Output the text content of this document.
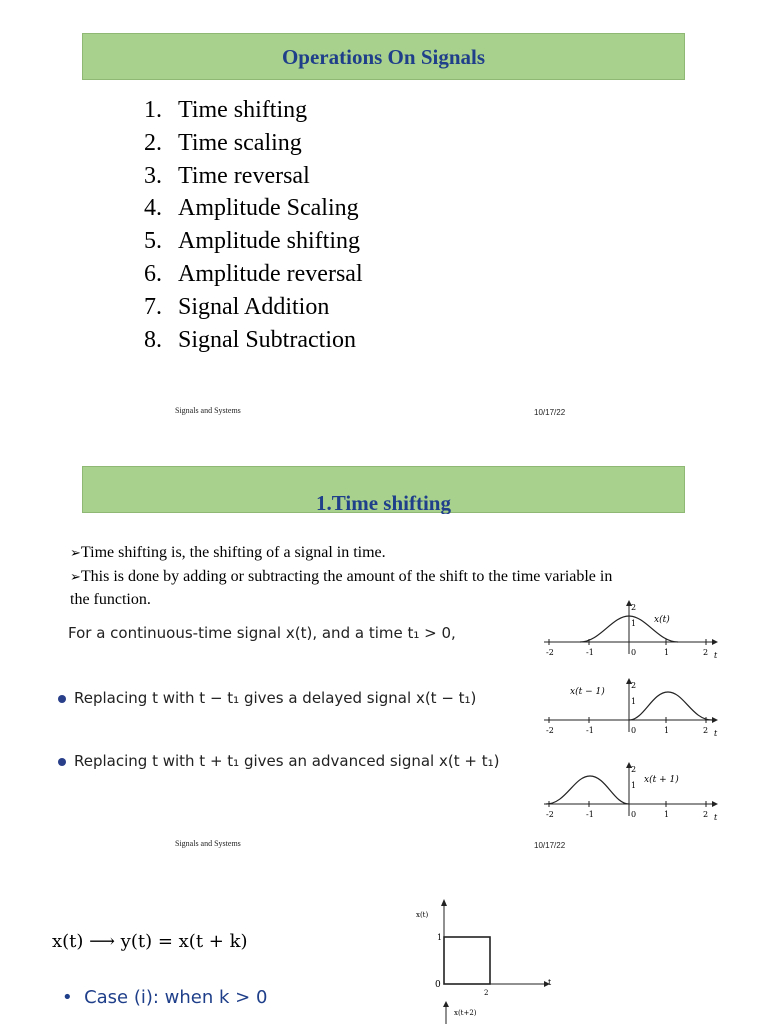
Operations On Signals
1. Time shifting
2. Time scaling
3. Time reversal
4. Amplitude Scaling
5. Amplitude shifting
6. Amplitude reversal
7. Signal Addition
8. Signal Subtraction
Signals and Systems	10/17/22
1.Time shifting
➢Time shifting is, the shifting of a signal in time.
➢This is done by adding or subtracting the amount of the shift to the time variable in
the function.
For a continuous-time signal x(t), and a time t₁ > 0,
Replacing t with t − t₁ gives a delayed signal x(t − t₁)
Replacing t with t + t₁ gives an advanced signal x(t + t₁)
-2	-1	0	1	2
2
1 x(t)
t
-2	-1	0	1	2
2
1
x(t − 1)
t
-2	-1	0	1	2
2
1
x(t + 1)
t
Signals and Systems	10/17/22
x(t) ⟶ y(t) = x(t + k)
•  Case (i): when k > 0
x(t)
1
0
2
t
x(t+2)
